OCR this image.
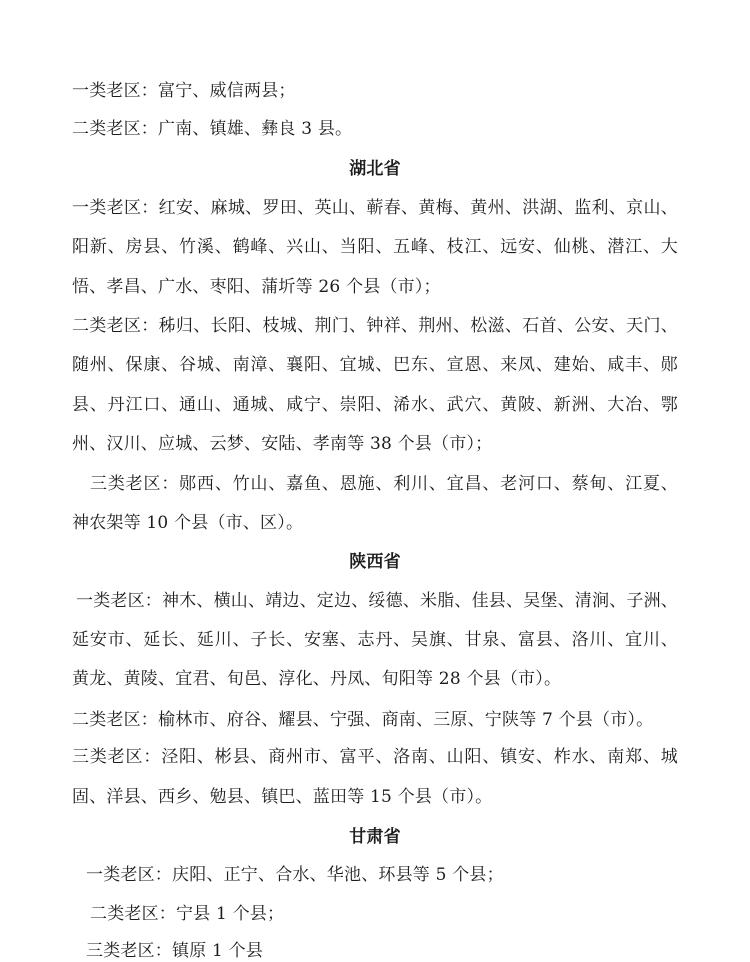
一类老区：富宁、威信两县；
二类老区：广南、镇雄、彝良 3 县。
湖北省
一类老区：红安、麻城、罗田、英山、蕲春、黄梅、黄州、洪湖、监利、京山、
阳新、房县、竹溪、鹤峰、兴山、当阳、五峰、枝江、远安、仙桃、潜江、大
悟、孝昌、广水、枣阳、蒲圻等 26 个县（市）；
二类老区：秭归、长阳、枝城、荆门、钟祥、荆州、松滋、石首、公安、天门、
随州、保康、谷城、南漳、襄阳、宜城、巴东、宣恩、来凤、建始、咸丰、郧
县、丹江口、通山、通城、咸宁、崇阳、浠水、武穴、黄陂、新洲、大冶、鄂
州、汉川、应城、云梦、安陆、孝南等 38 个县（市）；
三类老区：郧西、竹山、嘉鱼、恩施、利川、宜昌、老河口、蔡甸、江夏、
神农架等 10 个县（市、区）。
陕西省
一类老区：神木、横山、靖边、定边、绥德、米脂、佳县、吴堡、清涧、子洲、
延安市、延长、延川、子长、安塞、志丹、吴旗、甘泉、富县、洛川、宜川、
黄龙、黄陵、宜君、旬邑、淳化、丹凤、旬阳等 28 个县（市）。
二类老区：榆林市、府谷、耀县、宁强、商南、三原、宁陕等 7 个县（市）。
三类老区：泾阳、彬县、商州市、富平、洛南、山阳、镇安、柞水、南郑、城
固、洋县、西乡、勉县、镇巴、蓝田等 15 个县（市）。
甘肃省
一类老区：庆阳、正宁、合水、华池、环县等 5 个县；
二类老区：宁县 1 个县；
三类老区：镇原 1 个县
